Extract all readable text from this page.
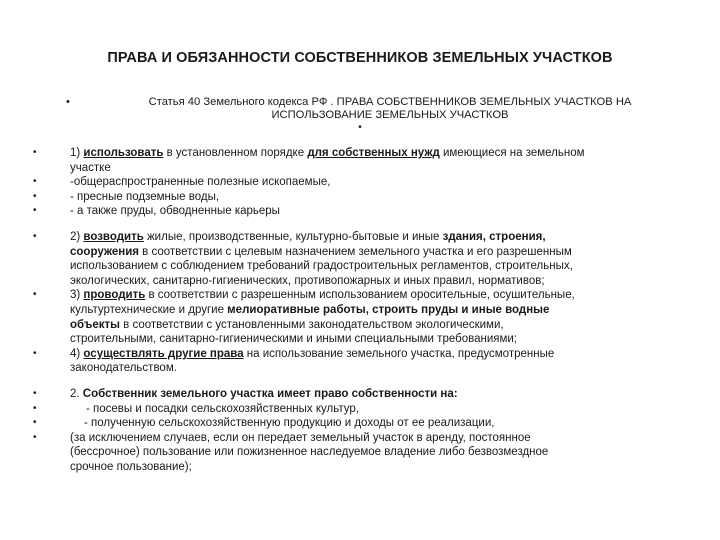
ПРАВА И ОБЯЗАННОСТИ СОБСТВЕННИКОВ ЗЕМЕЛЬНЫХ УЧАСТКОВ
•	Статья 40 Земельного кодекса РФ . ПРАВА СОБСТВЕННИКОВ ЗЕМЕЛЬНЫХ УЧАСТКОВ НА
ИСПОЛЬЗОВАНИЕ ЗЕМЕЛЬНЫХ УЧАСТКОВ
•
•	1) использовать в установленном порядке для собственных нужд имеющиеся на земельном
участке
•	-общераспространенные полезные ископаемые,
•	- пресные подземные воды,
•	- а также пруды, обводненные карьеры
•	2) возводить жилые, производственные, культурно-бытовые и иные здания, строения,
сооружения в соответствии с целевым назначением земельного участка и его разрешенным
использованием с соблюдением требований градостроительных регламентов, строительных,
экологических, санитарно-гигиенических, противопожарных и иных правил, нормативов;
•	3) проводить в соответствии с разрешенным использованием оросительные, осушительные,
культуртехнические и другие мелиоративные работы, строить пруды и иные водные
объекты в соответствии с установленными законодательством экологическими,
строительными, санитарно-гигиеническими и иными специальными требованиями;
•	4) осуществлять другие права на использование земельного участка, предусмотренные
законодательством.
•	2. Собственник земельного участка имеет право собственности на:
•	- посевы и посадки сельскохозяйственных культур,
•	- полученную сельскохозяйственную продукцию и доходы от ее реализации,
•	(за исключением случаев, если он передает земельный участок в аренду, постоянное
(бессрочное) пользование или пожизненное наследуемое владение либо безвозмездное
срочное пользование);
